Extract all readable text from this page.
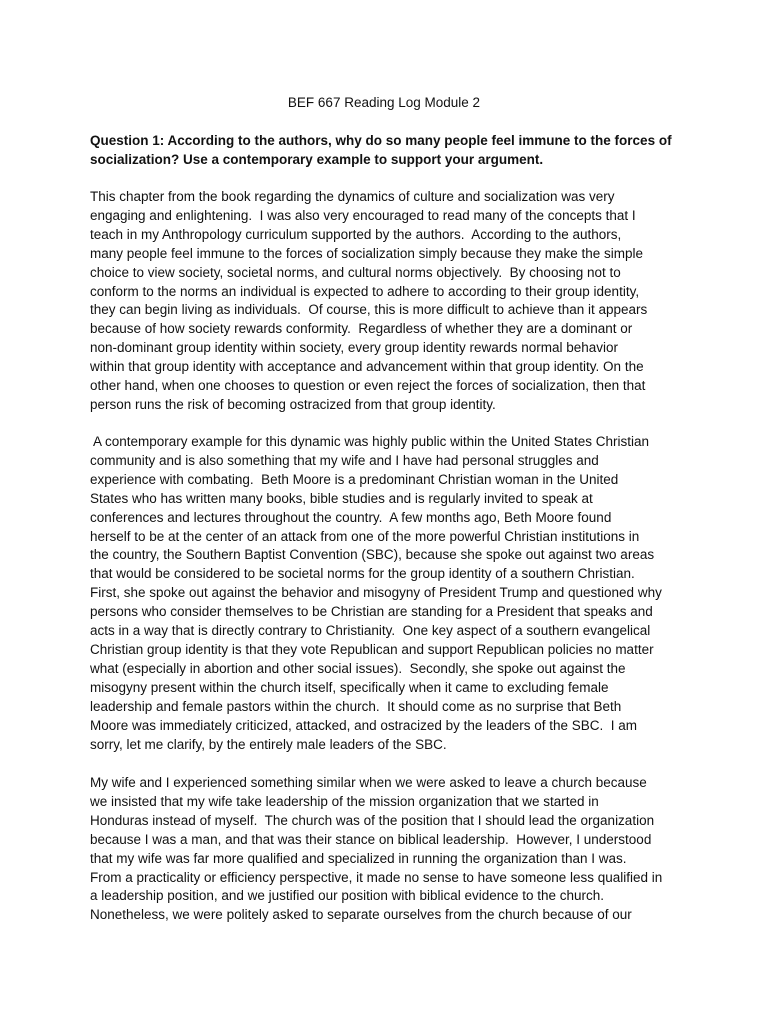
BEF 667 Reading Log Module 2
Question 1: According to the authors, why do so many people feel immune to the forces of
socialization? Use a contemporary example to support your argument.
This chapter from the book regarding the dynamics of culture and socialization was very
engaging and enlightening.  I was also very encouraged to read many of the concepts that I
teach in my Anthropology curriculum supported by the authors.  According to the authors,
many people feel immune to the forces of socialization simply because they make the simple
choice to view society, societal norms, and cultural norms objectively.  By choosing not to
conform to the norms an individual is expected to adhere to according to their group identity,
they can begin living as individuals.  Of course, this is more difficult to achieve than it appears
because of how society rewards conformity.  Regardless of whether they are a dominant or
non-dominant group identity within society, every group identity rewards normal behavior
within that group identity with acceptance and advancement within that group identity. On the
other hand, when one chooses to question or even reject the forces of socialization, then that
person runs the risk of becoming ostracized from that group identity.
A contemporary example for this dynamic was highly public within the United States Christian
community and is also something that my wife and I have had personal struggles and
experience with combating.  Beth Moore is a predominant Christian woman in the United
States who has written many books, bible studies and is regularly invited to speak at
conferences and lectures throughout the country.  A few months ago, Beth Moore found
herself to be at the center of an attack from one of the more powerful Christian institutions in
the country, the Southern Baptist Convention (SBC), because she spoke out against two areas
that would be considered to be societal norms for the group identity of a southern Christian.
First, she spoke out against the behavior and misogyny of President Trump and questioned why
persons who consider themselves to be Christian are standing for a President that speaks and
acts in a way that is directly contrary to Christianity.  One key aspect of a southern evangelical
Christian group identity is that they vote Republican and support Republican policies no matter
what (especially in abortion and other social issues).  Secondly, she spoke out against the
misogyny present within the church itself, specifically when it came to excluding female
leadership and female pastors within the church.  It should come as no surprise that Beth
Moore was immediately criticized, attacked, and ostracized by the leaders of the SBC.  I am
sorry, let me clarify, by the entirely male leaders of the SBC.
My wife and I experienced something similar when we were asked to leave a church because
we insisted that my wife take leadership of the mission organization that we started in
Honduras instead of myself.  The church was of the position that I should lead the organization
because I was a man, and that was their stance on biblical leadership.  However, I understood
that my wife was far more qualified and specialized in running the organization than I was.
From a practicality or efficiency perspective, it made no sense to have someone less qualified in
a leadership position, and we justified our position with biblical evidence to the church.
Nonetheless, we were politely asked to separate ourselves from the church because of our
